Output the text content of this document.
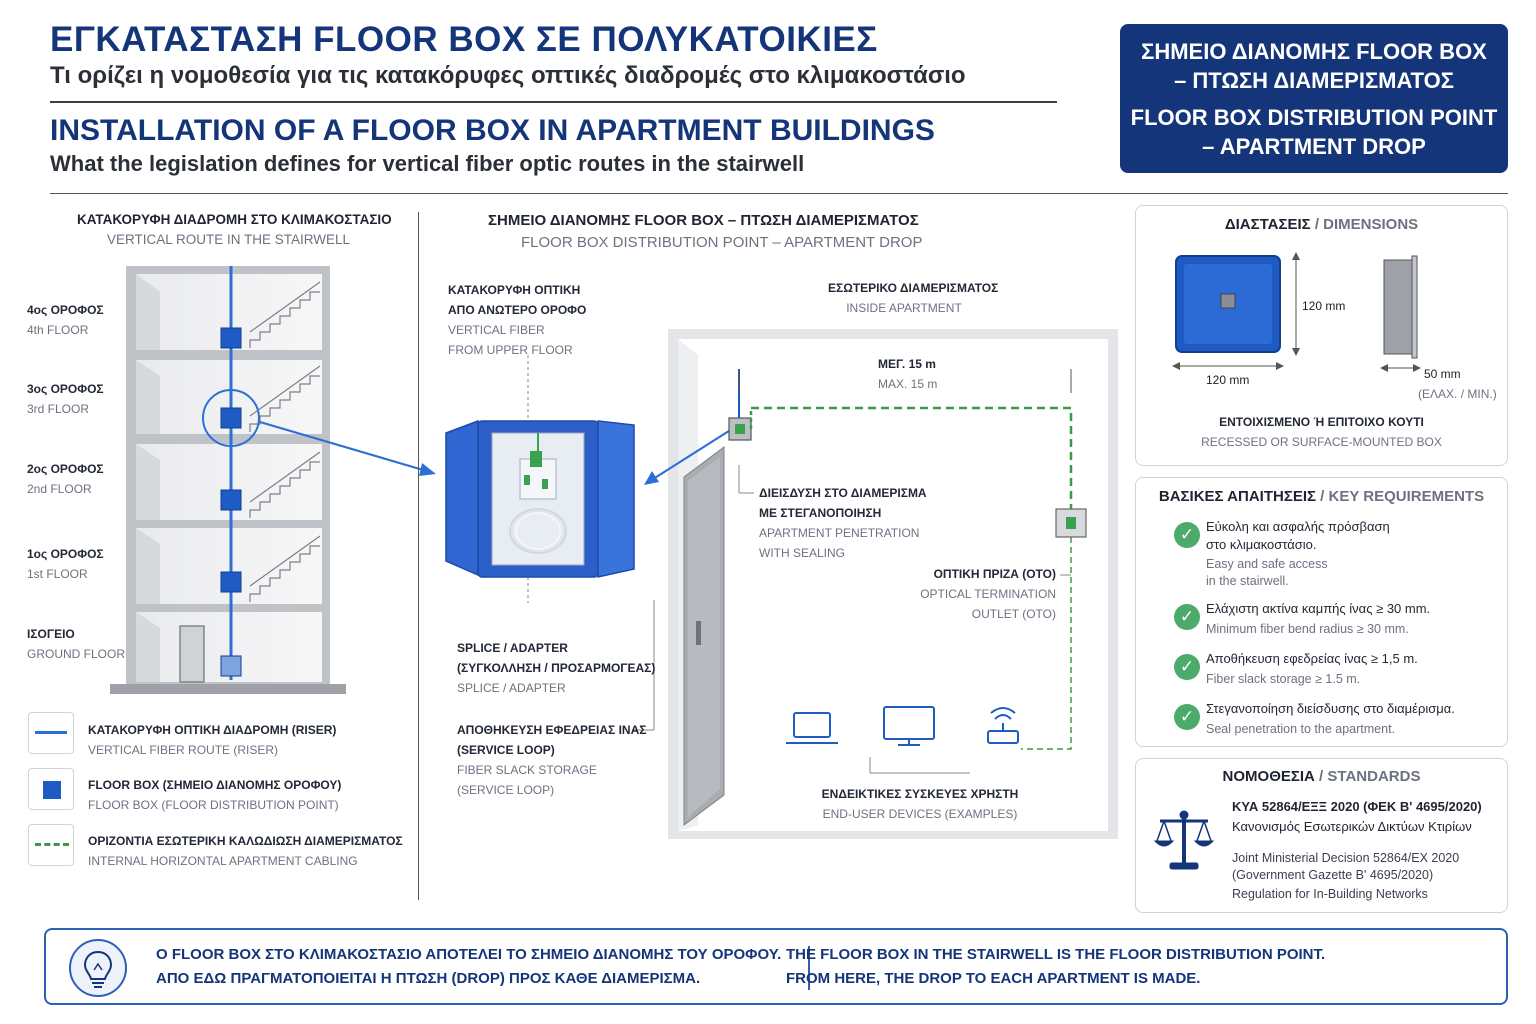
ΕΓΚΑΤΑΣΤΑΣΗ FLOOR BOX ΣΕ ΠΟΛΥΚΑΤΟΙΚΙΕΣ
Τι ορίζει η νομοθεσία για τις κατακόρυφες οπτικές διαδρομές στο κλιμακοστάσιο
INSTALLATION OF A FLOOR BOX IN APARTMENT BUILDINGS
What the legislation defines for vertical fiber optic routes in the stairwell
ΣΗΜΕΙΟ ΔΙΑΝΟΜΗΣ FLOOR BOX
– ΠΤΩΣΗ ΔΙΑΜΕΡΙΣΜΑΤΟΣ
FLOOR BOX DISTRIBUTION POINT
– APARTMENT DROP
ΚΑΤΑΚΟΡΥΦΗ ΔΙΑΔΡΟΜΗ ΣΤΟ ΚΛΙΜΑΚΟΣΤΑΣΙΟ
VERTICAL ROUTE IN THE STAIRWELL
4ος ΟΡΟΦΟΣ
4th FLOOR
3ος ΟΡΟΦΟΣ
3rd FLOOR
2ος ΟΡΟΦΟΣ
2nd FLOOR
1ος ΟΡΟΦΟΣ
1st FLOOR
ΙΣΟΓΕΙΟ
GROUND FLOOR
ΚΑΤΑΚΟΡΥΦΗ ΟΠΤΙΚΗ ΔΙΑΔΡΟΜΗ (RISER)
VERTICAL FIBER ROUTE (RISER)
FLOOR BOX (ΣΗΜΕΙΟ ΔΙΑΝΟΜΗΣ ΟΡΟΦΟΥ)
FLOOR BOX (FLOOR DISTRIBUTION POINT)
ΟΡΙΖΟΝΤΙΑ ΕΣΩΤΕΡΙΚΗ ΚΑΛΩΔΙΩΣΗ ΔΙΑΜΕΡΙΣΜΑΤΟΣ
INTERNAL HORIZONTAL APARTMENT CABLING
ΣΗΜΕΙΟ ΔΙΑΝΟΜΗΣ FLOOR BOX – ΠΤΩΣΗ ΔΙΑΜΕΡΙΣΜΑΤΟΣ
FLOOR BOX DISTRIBUTION POINT – APARTMENT DROP
ΚΑΤΑΚΟΡΥΦΗ ΟΠΤΙΚΗ
ΑΠΟ ΑΝΩΤΕΡΟ ΟΡΟΦΟ
VERTICAL FIBER
FROM UPPER FLOOR
SPLICE / ADAPTER
(ΣΥΓΚΟΛΛΗΣΗ / ΠΡΟΣΑΡΜΟΓΕΑΣ)
SPLICE / ADAPTER
ΑΠΟΘΗΚΕΥΣΗ ΕΦΕΔΡΕΙΑΣ ΙΝΑΣ
(SERVICE LOOP)
FIBER SLACK STORAGE
(SERVICE LOOP)
ΕΣΩΤΕΡΙΚΟ ΔΙΑΜΕΡΙΣΜΑΤΟΣ
INSIDE APARTMENT
ΜΕΓ. 15 m
MAX. 15 m
ΔΙΕΙΣΔΥΣΗ ΣΤΟ ΔΙΑΜΕΡΙΣΜΑ
ΜΕ ΣΤΕΓΑΝΟΠΟΙΗΣΗ
APARTMENT PENETRATION
WITH SEALING
ΟΠΤΙΚΗ ΠΡΙΖΑ (ΟΤΟ)
OPTICAL TERMINATION
OUTLET (OTO)
ΕΝΔΕΙΚΤΙΚΕΣ ΣΥΣΚΕΥΕΣ ΧΡΗΣΤΗ
END-USER DEVICES (EXAMPLES)
ΔΙΑΣΤΑΣΕΙΣ / DIMENSIONS
120 mm
120 mm	50 mm
(ΕΛΑΧ. / MIN.)
ΕΝΤΟΙΧΙΣΜΕΝΟ Ή ΕΠΙΤΟΙΧΟ ΚΟΥΤΙ
RECESSED OR SURFACE-MOUNTED BOX
ΒΑΣΙΚΕΣ ΑΠΑΙΤΗΣΕΙΣ / KEY REQUIREMENTS
✓ Εύκολη και ασφαλής πρόσβαση
στο κλιμακοστάσιο.
Easy and safe access
in the stairwell.
✓ Ελάχιστη ακτίνα καμπής ίνας ≥ 30 mm.
Minimum fiber bend radius ≥ 30 mm.
✓ Αποθήκευση εφεδρείας ίνας ≥ 1,5 m.
Fiber slack storage ≥ 1.5 m.
✓ Στεγανοποίηση διείσδυσης στο διαμέρισμα.
Seal penetration to the apartment.
ΝΟΜΟΘΕΣΙΑ / STANDARDS
ΚΥΑ 52864/ΕΞΞ 2020 (ΦΕΚ Β' 4695/2020)
Κανονισμός Εσωτερικών Δικτύων Κτιρίων
Joint Ministerial Decision 52864/EX 2020
(Government Gazette B' 4695/2020)
Regulation for In-Building Networks
Ο FLOOR BOX ΣΤΟ ΚΛΙΜΑΚΟΣΤΑΣΙΟ ΑΠΟΤΕΛΕΙ ΤΟ ΣΗΜΕΙΟ ΔΙΑΝΟΜΗΣ ΤΟΥ ΟΡΟΦΟΥ.
ΑΠΟ ΕΔΩ ΠΡΑΓΜΑΤΟΠΟΙΕΙΤΑΙ Η ΠΤΩΣΗ (DROP) ΠΡΟΣ ΚΑΘΕ ΔΙΑΜΕΡΙΣΜΑ.
THE FLOOR BOX IN THE STAIRWELL IS THE FLOOR DISTRIBUTION POINT.
FROM HERE, THE DROP TO EACH APARTMENT IS MADE.
